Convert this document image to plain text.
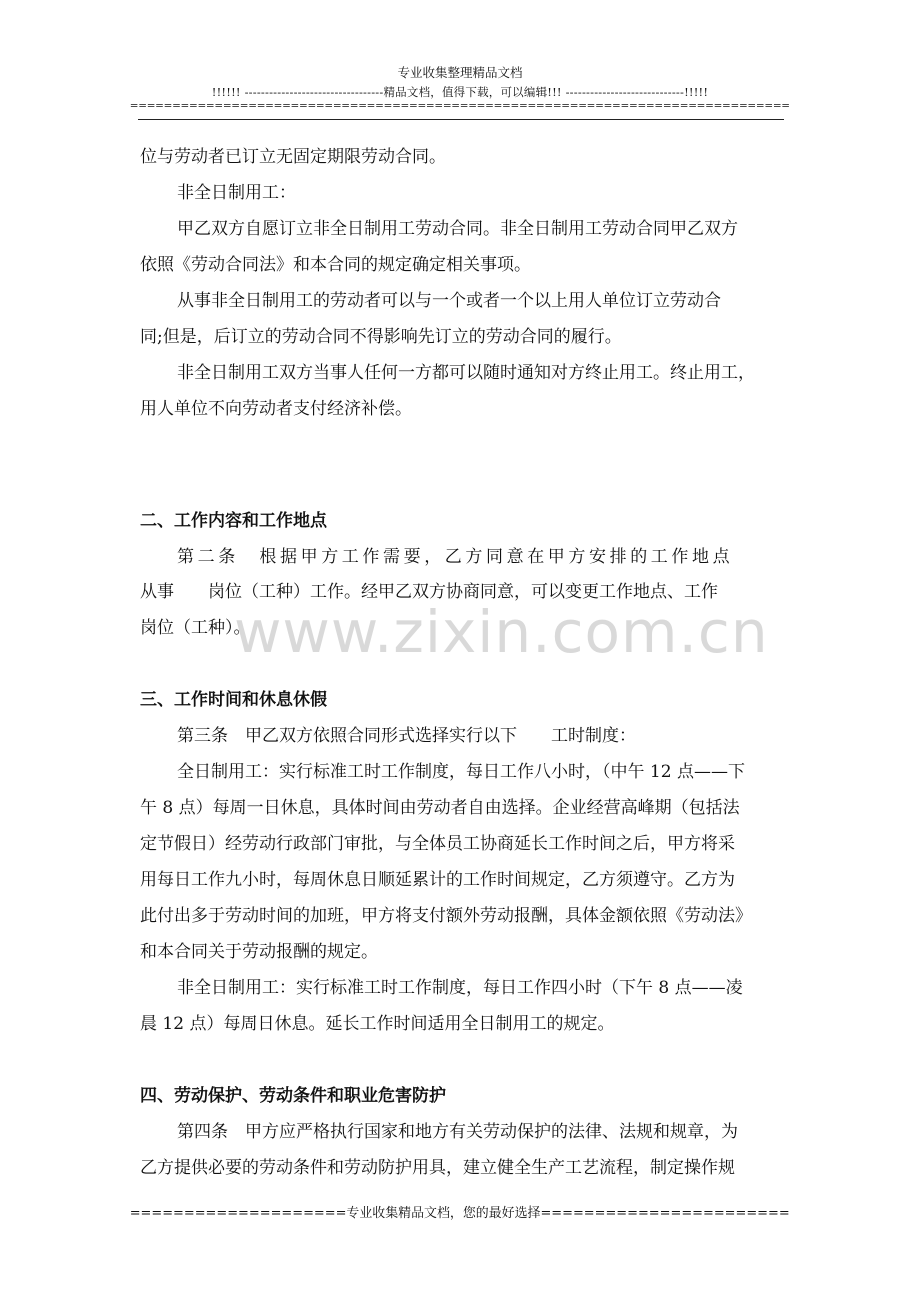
专业收集整理精品文档
!!!!!! ----------------------------------精品文档，值得下载，可以编辑!!! -----------------------------!!!!!
==============================================================================
www.zixin.com.cn
位与劳动者已订立无固定期限劳动合同。
非全日制用工：
甲乙双方自愿订立非全日制用工劳动合同。非全日制用工劳动合同甲乙双方
依照《劳动合同法》和本合同的规定确定相关事项。
从事非全日制用工的劳动者可以与一个或者一个以上用人单位订立劳动合
同;但是，后订立的劳动合同不得影响先订立的劳动合同的履行。
非全日制用工双方当事人任何一方都可以随时通知对方终止用工。终止用工，
用人单位不向劳动者支付经济补偿。
二、工作内容和工作地点
第二条　根据甲方工作需要，乙方同意在甲方安排的工作地点
从事　　岗位（工种）工作。经甲乙双方协商同意，可以变更工作地点、工作
岗位（工种）。
三、工作时间和休息休假
第三条　甲乙双方依照合同形式选择实行以下　　工时制度：
全日制用工：实行标准工时工作制度，每日工作八小时，（中午 12 点——下
午 8 点）每周一日休息，具体时间由劳动者自由选择。企业经营高峰期（包括法
定节假日）经劳动行政部门审批，与全体员工协商延长工作时间之后，甲方将采
用每日工作九小时，每周休息日顺延累计的工作时间规定，乙方须遵守。乙方为
此付出多于劳动时间的加班，甲方将支付额外劳动报酬，具体金额依照《劳动法》
和本合同关于劳动报酬的规定。
非全日制用工：实行标准工时工作制度，每日工作四小时（下午 8 点——凌
晨 12 点）每周日休息。延长工作时间适用全日制用工的规定。
四、劳动保护、劳动条件和职业危害防护
第四条　甲方应严格执行国家和地方有关劳动保护的法律、法规和规章，为
乙方提供必要的劳动条件和劳动防护用具，建立健全生产工艺流程，制定操作规
====================专业收集精品文档，您的最好选择=======================
